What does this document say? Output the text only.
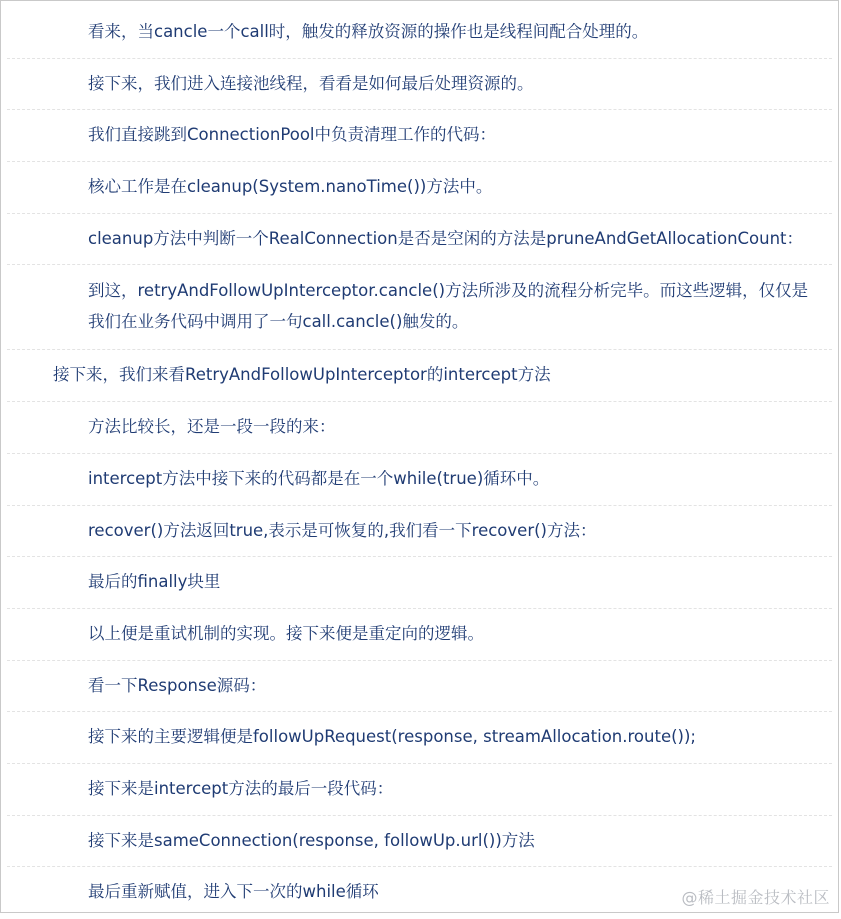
看来，当cancle一个call时，触发的释放资源的操作也是线程间配合处理的。
接下来，我们进入连接池线程，看看是如何最后处理资源的。
我们直接跳到ConnectionPool中负责清理工作的代码：
核心工作是在cleanup(System.nanoTime())方法中。
cleanup方法中判断一个RealConnection是否是空闲的方法是pruneAndGetAllocationCount：
到这，retryAndFollowUpInterceptor.cancle()方法所涉及的流程分析完毕。而这些逻辑，仅仅是我们在业务代码中调用了一句call.cancle()触发的。
接下来，我们来看RetryAndFollowUpInterceptor的intercept方法
方法比较长，还是一段一段的来：
intercept方法中接下来的代码都是在一个while(true)循环中。
recover()方法返回true,表示是可恢复的,我们看一下recover()方法：
最后的finally块里
以上便是重试机制的实现。接下来便是重定向的逻辑。
看一下Response源码：
接下来的主要逻辑便是followUpRequest(response, streamAllocation.route());
接下来是intercept方法的最后一段代码：
接下来是sameConnection(response, followUp.url())方法
最后重新赋值，进入下一次的while循环	@稀土掘金技术社区
